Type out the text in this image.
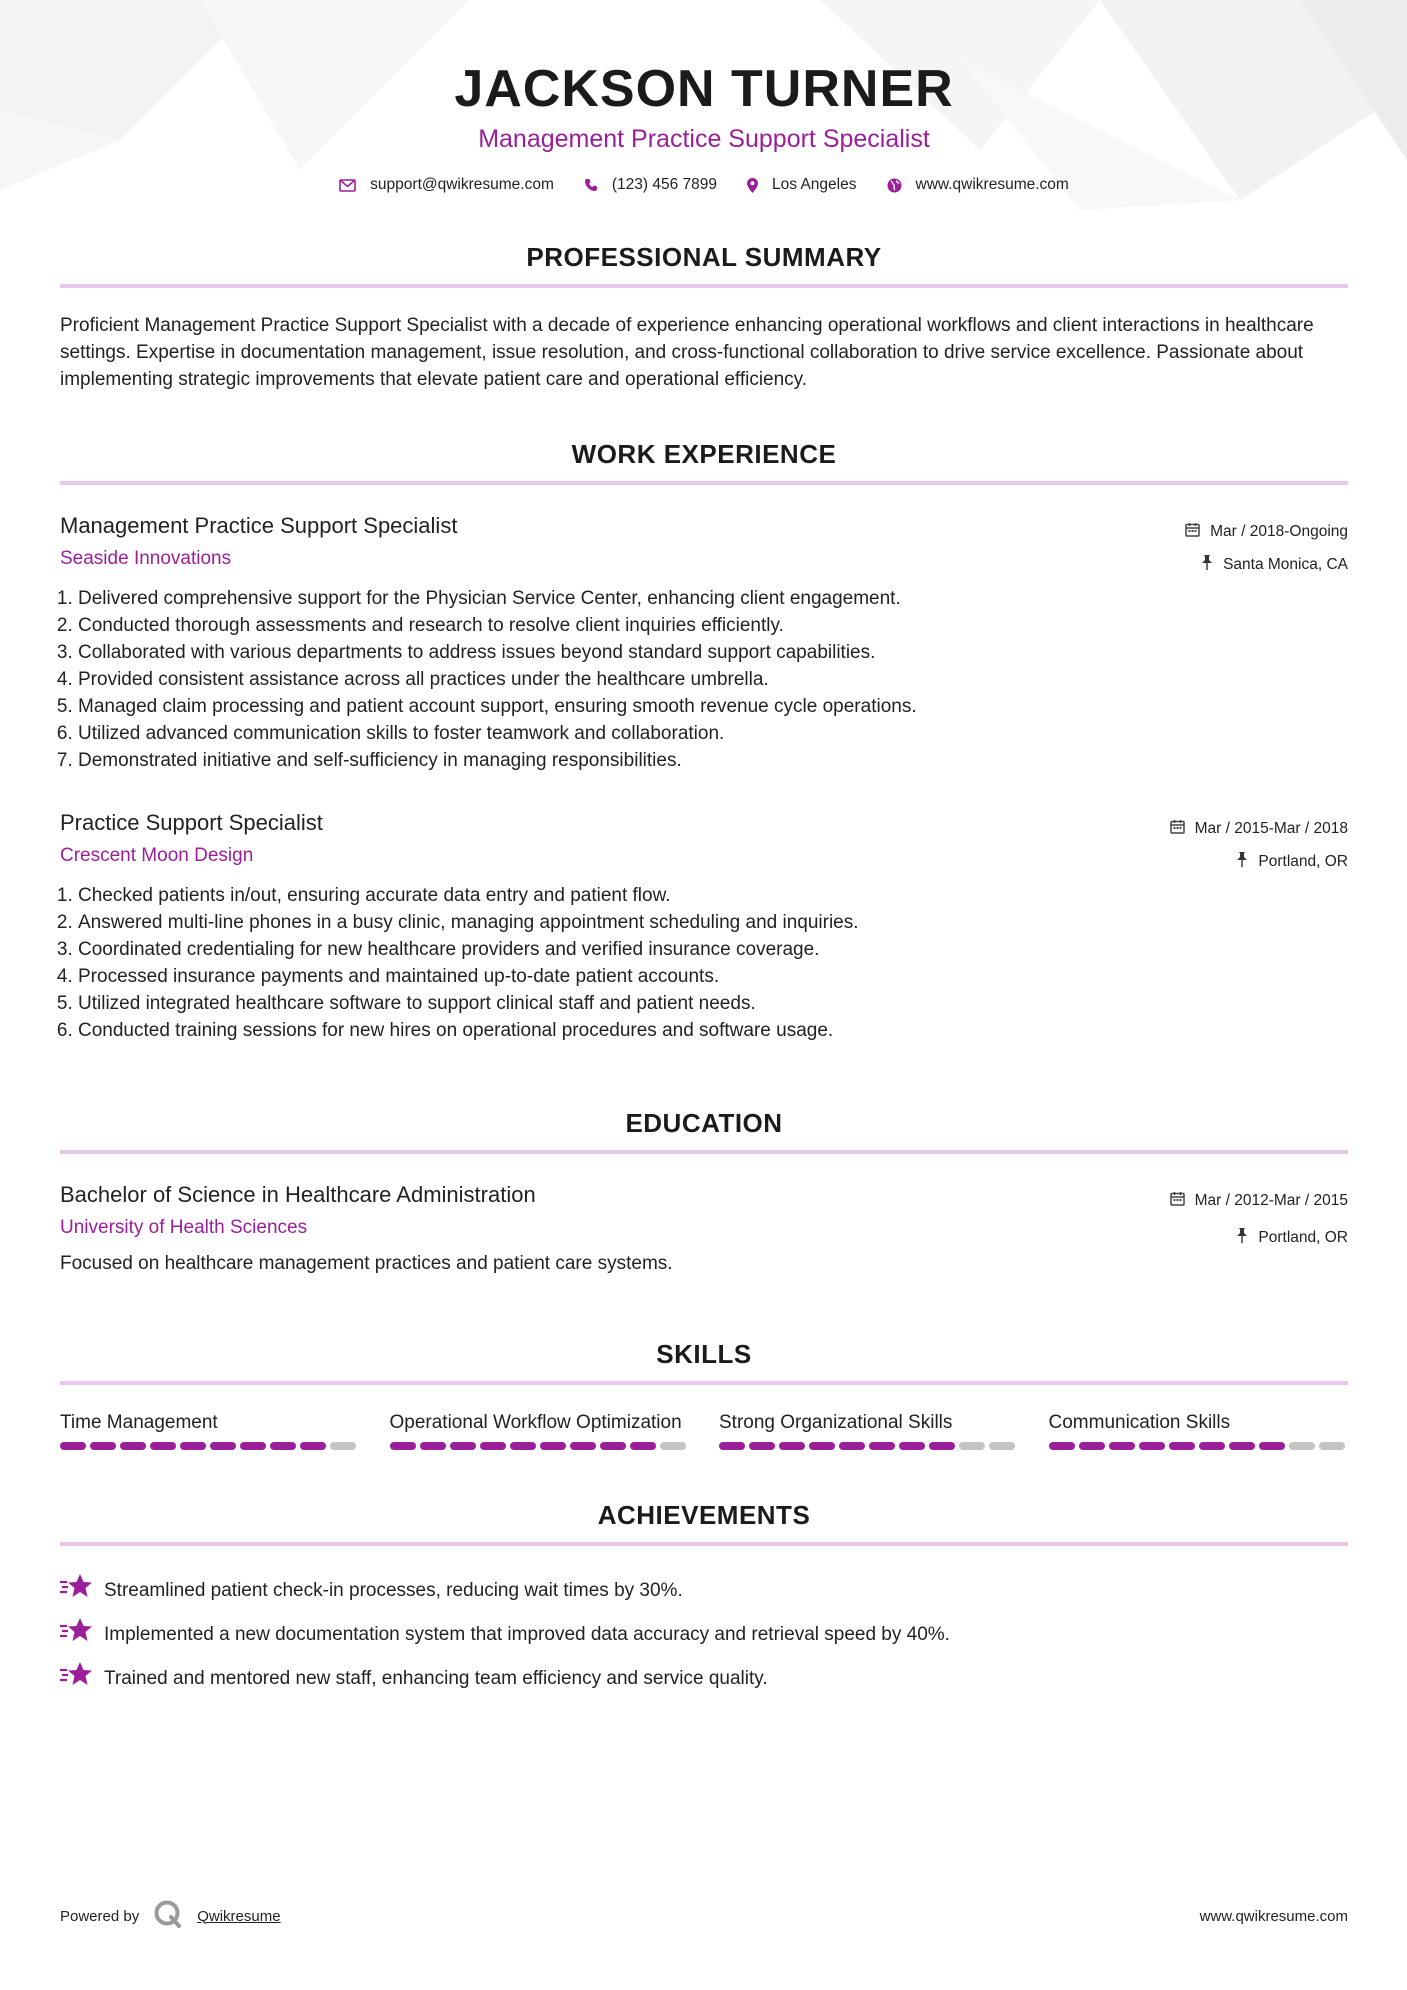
JACKSON TURNER
Management Practice Support Specialist
support@qwikresume.com	(123) 456 7899	Los Angeles	www.qwikresume.com
PROFESSIONAL SUMMARY
Proficient Management Practice Support Specialist with a decade of experience enhancing operational workflows and client interactions in healthcare settings. Expertise in documentation management, issue resolution, and cross-functional collaboration to drive service excellence. Passionate about implementing strategic improvements that elevate patient care and operational efficiency.
WORK EXPERIENCE
Management Practice Support Specialist
Seaside Innovations
Mar / 2018-Ongoing
Santa Monica, CA
1. Delivered comprehensive support for the Physician Service Center, enhancing client engagement.
2. Conducted thorough assessments and research to resolve client inquiries efficiently.
3. Collaborated with various departments to address issues beyond standard support capabilities.
4. Provided consistent assistance across all practices under the healthcare umbrella.
5. Managed claim processing and patient account support, ensuring smooth revenue cycle operations.
6. Utilized advanced communication skills to foster teamwork and collaboration.
7. Demonstrated initiative and self-sufficiency in managing responsibilities.
Practice Support Specialist
Crescent Moon Design
Mar / 2015-Mar / 2018
Portland, OR
1. Checked patients in/out, ensuring accurate data entry and patient flow.
2. Answered multi-line phones in a busy clinic, managing appointment scheduling and inquiries.
3. Coordinated credentialing for new healthcare providers and verified insurance coverage.
4. Processed insurance payments and maintained up-to-date patient accounts.
5. Utilized integrated healthcare software to support clinical staff and patient needs.
6. Conducted training sessions for new hires on operational procedures and software usage.
EDUCATION
Bachelor of Science in Healthcare Administration
University of Health Sciences
Mar / 2012-Mar / 2015
Portland, OR
Focused on healthcare management practices and patient care systems.
SKILLS
Time Management	Operational Workflow Optimization	Strong Organizational Skills	Communication Skills
ACHIEVEMENTS
Streamlined patient check-in processes, reducing wait times by 30%.
Implemented a new documentation system that improved data accuracy and retrieval speed by 40%.
Trained and mentored new staff, enhancing team efficiency and service quality.
Powered by	Qwikresume	www.qwikresume.com
